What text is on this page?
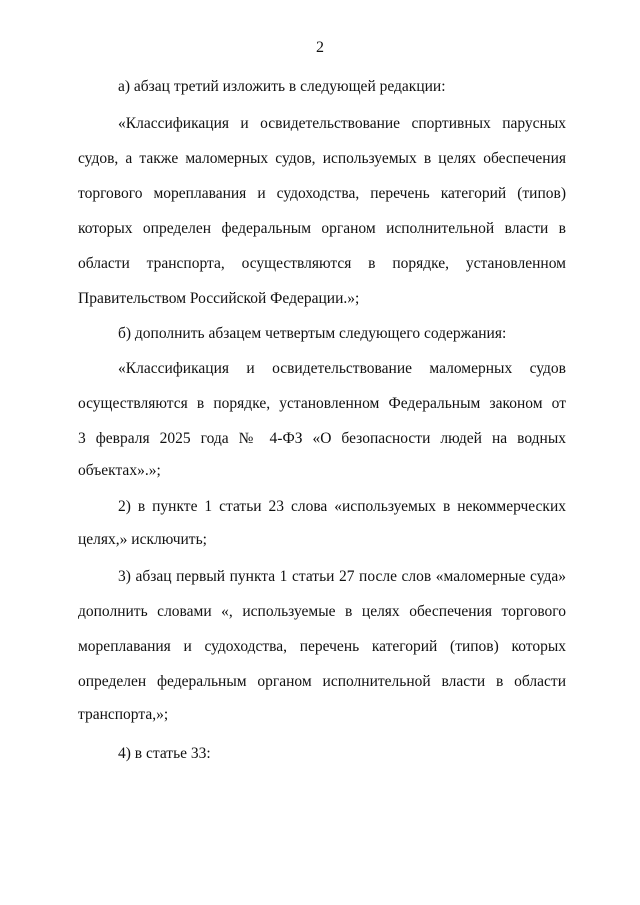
2
а) абзац третий изложить в следующей редакции:
«Классификация и освидетельствование спортивных парусных
судов, а также маломерных судов, используемых в целях обеспечения
торгового мореплавания и судоходства, перечень категорий (типов)
которых определен федеральным органом исполнительной власти в
области транспорта, осуществляются в порядке, установленном
Правительством Российской Федерации.»;
б) дополнить абзацем четвертым следующего содержания:
«Классификация и освидетельствование маломерных судов
осуществляются в порядке, установленном Федеральным законом от
3 февраля 2025 года № 4-ФЗ «О безопасности людей на водных
объектах».»;
2) в пункте 1 статьи 23 слова «используемых в некоммерческих
целях,» исключить;
3) абзац первый пункта 1 статьи 27 после слов «маломерные суда»
дополнить словами «, используемые в целях обеспечения торгового
мореплавания и судоходства, перечень категорий (типов) которых
определен федеральным органом исполнительной власти в области
транспорта,»;
4) в статье 33:
